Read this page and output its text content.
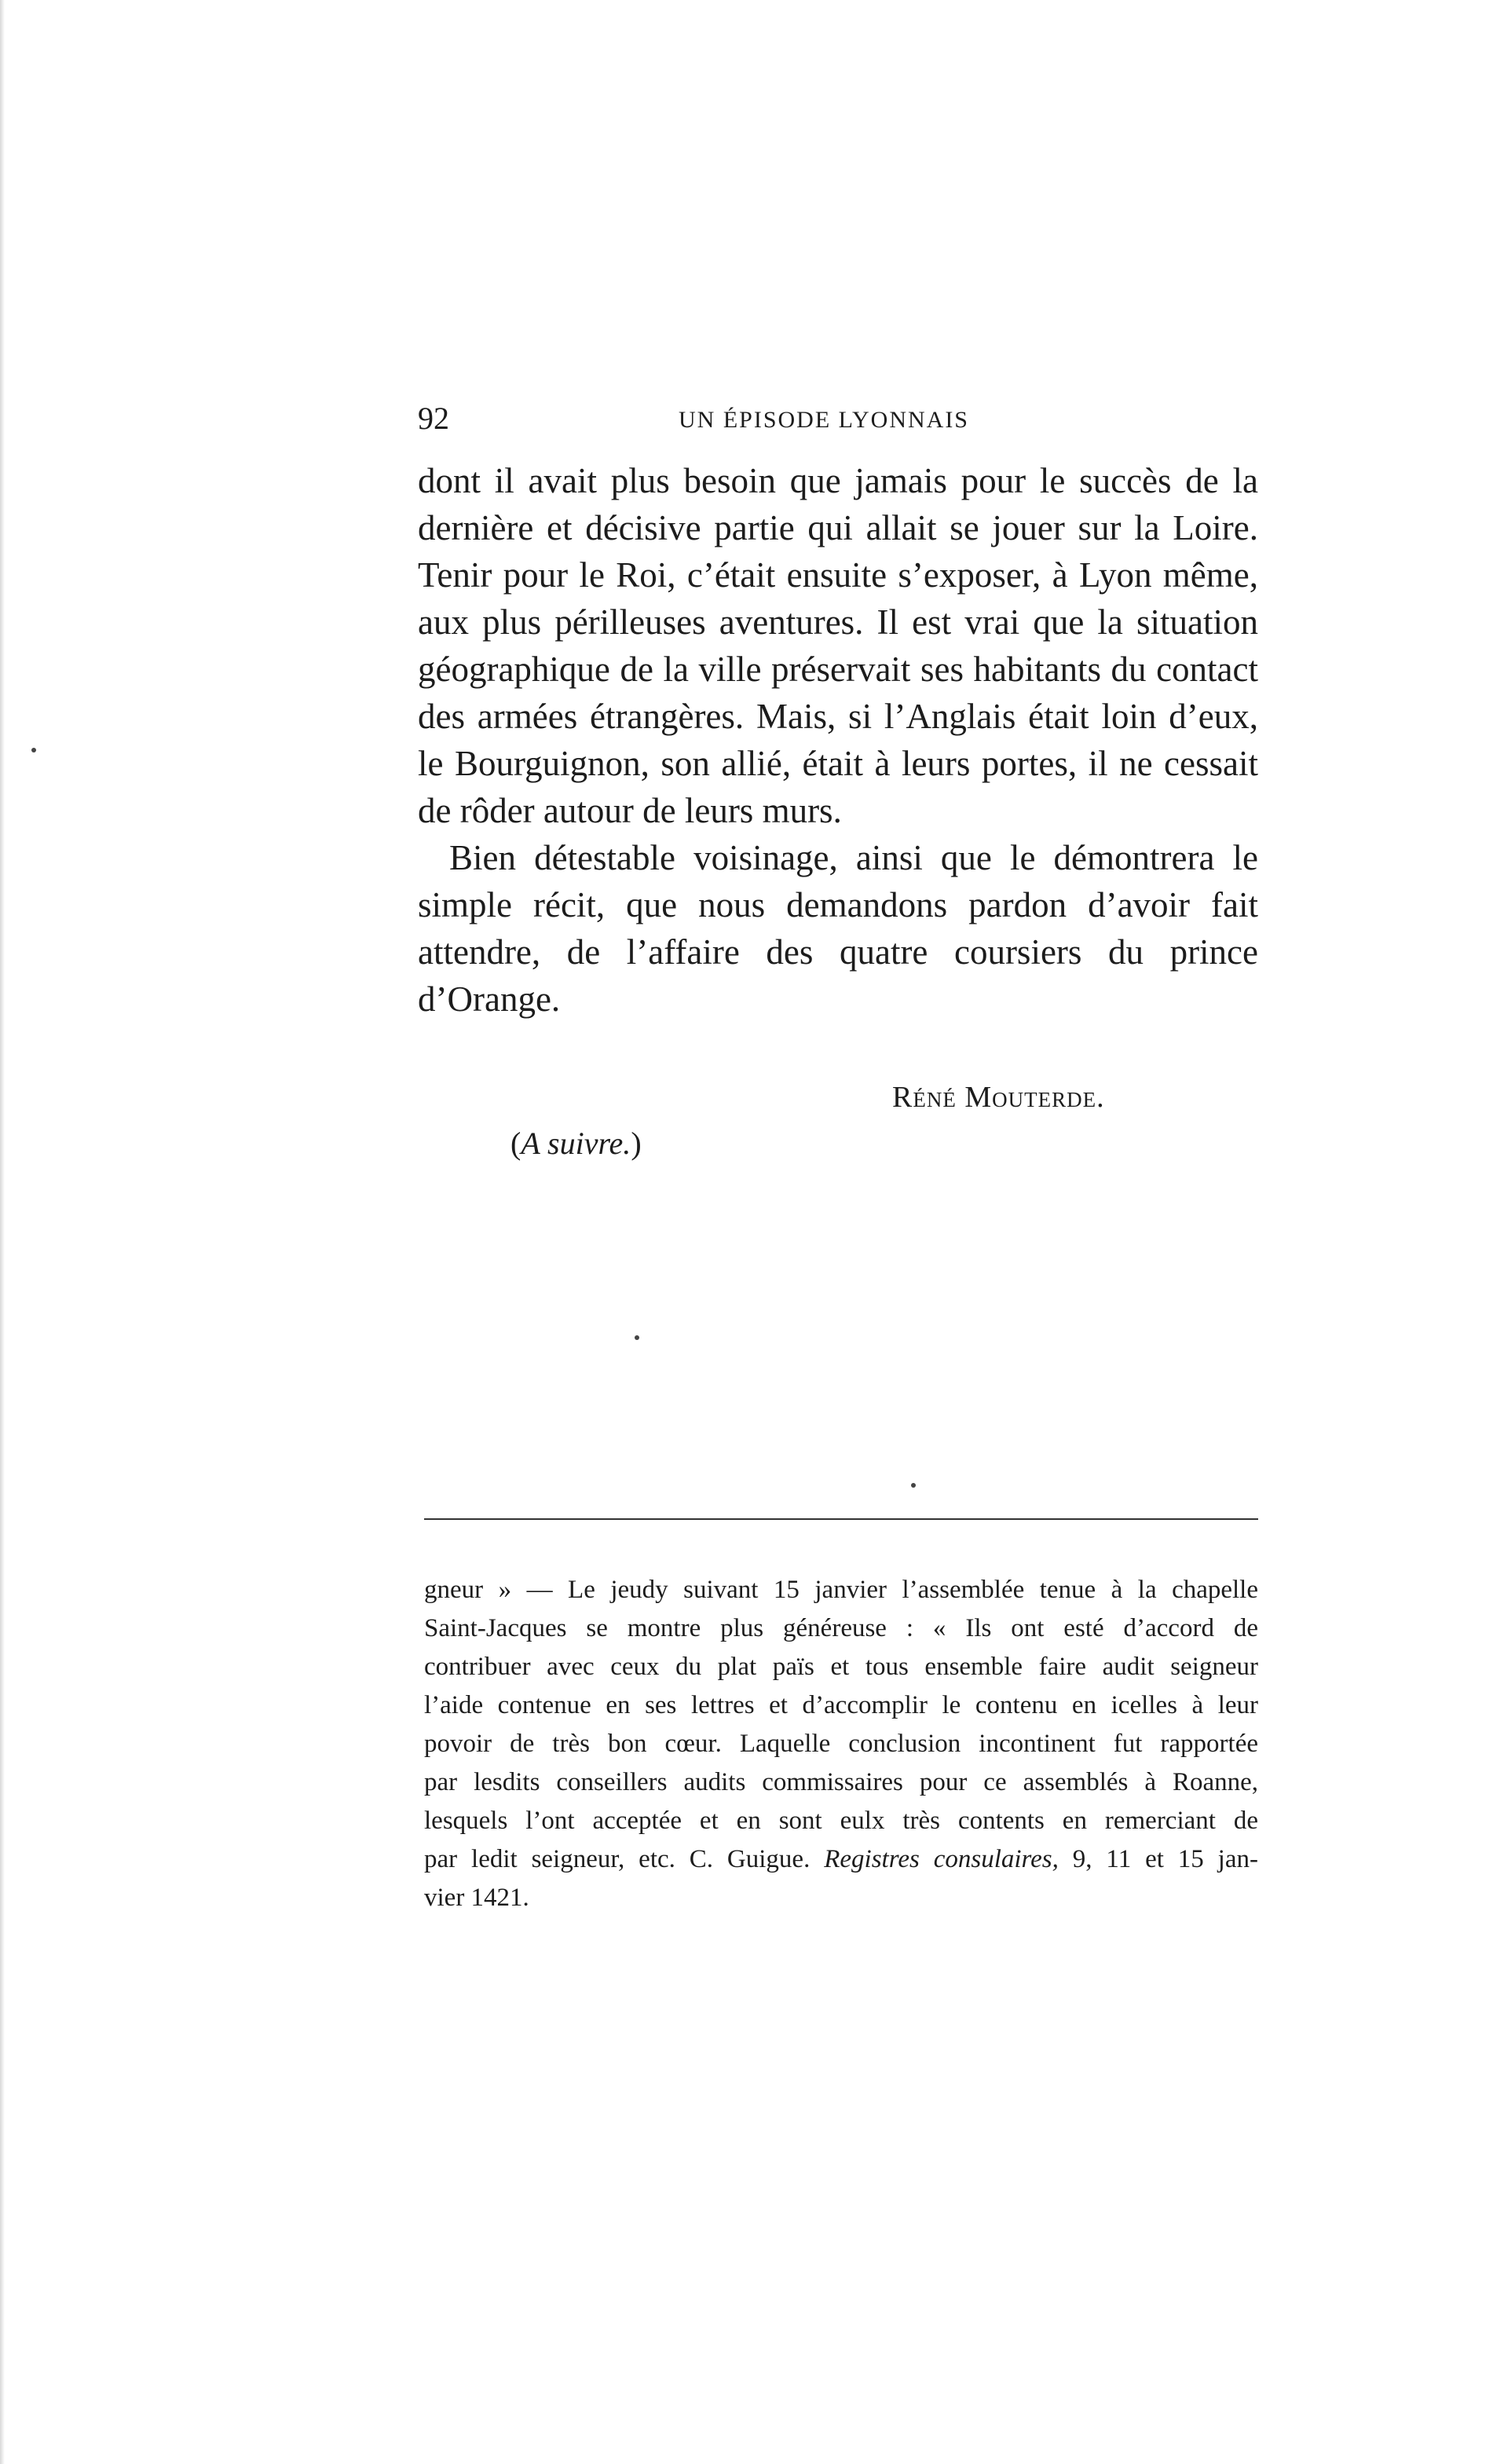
92	UN ÉPISODE LYONNAIS
dont il avait plus besoin que jamais pour le succès de la
dernière et décisive partie qui allait se jouer sur la Loire.
Tenir pour le Roi, c’était ensuite s’exposer, à Lyon même,
aux plus périlleuses aventures. Il est vrai que la situation
géographique de la ville préservait ses habitants du contact
des armées étrangères. Mais, si l’Anglais était loin d’eux,
le Bourguignon, son allié, était à leurs portes, il ne cessait
de rôder autour de leurs murs.
Bien détestable voisinage, ainsi que le démontrera le
simple récit, que nous demandons pardon d’avoir fait
attendre, de l’affaire des quatre coursiers du prince
d’Orange.
Réné Mouterde.
(A suivre.)
gneur » — Le jeudy suivant 15 janvier l’assemblée tenue à la chapelle
Saint-Jacques se montre plus généreuse : « Ils ont esté d’accord de
contribuer avec ceux du plat païs et tous ensemble faire audit seigneur
l’aide contenue en ses lettres et d’accomplir le contenu en icelles à leur
povoir de très bon cœur. Laquelle conclusion incontinent fut rapportée
par lesdits conseillers audits commissaires pour ce assemblés à Roanne,
lesquels l’ont acceptée et en sont eulx très contents en remerciant de
par ledit seigneur, etc. C. Guigue. Registres consulaires, 9, 11 et 15 jan-
vier 1421.
